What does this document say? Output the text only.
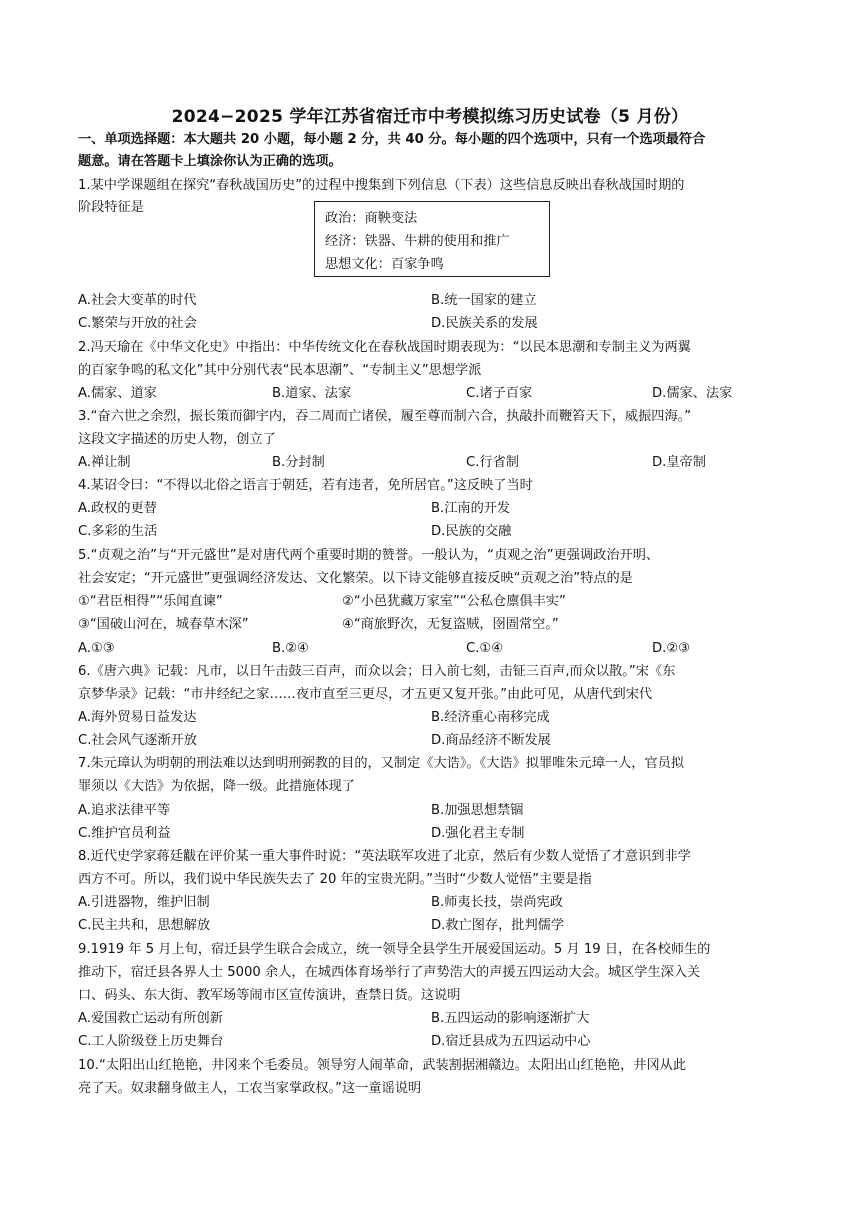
2024−2025 学年江苏省宿迁市中考模拟练习历史试卷（5 月份）
一、单项选择题：本大题共 20 小题，每小题 2 分，共 40 分。每小题的四个选项中，只有一个选项最符合
题意。请在答题卡上填涂你认为正确的选项。
1.某中学课题组在探究“春秋战国历史”的过程中搜集到下列信息（下表）这些信息反映出春秋战国时期的
阶段特征是
政治：商鞅变法
经济：铁器、牛耕的使用和推广
思想文化：百家争鸣
A.社会大变革的时代	B.统一国家的建立
C.繁荣与开放的社会	D.民族关系的发展
2.冯天瑜在《中华文化史》中指出：中华传统文化在春秋战国时期表现为：“以民本思潮和专制主义为两翼
的百家争鸣的私文化”其中分别代表“民本思潮”、“专制主义”思想学派
A.儒家、道家	B.道家、法家	C.诸子百家	D.儒家、法家
3.“奋六世之余烈，振长策而御宇内，吞二周而亡诸侯，履至尊而制六合，执敲扑而鞭笞天下，威振四海。”
这段文字描述的历史人物，创立了
A.禅让制	B.分封制	C.行省制	D.皇帝制
4.某诏令曰：“不得以北俗之语言于朝廷，若有违者，免所居官。”这反映了当时
A.政权的更替	B.江南的开发
C.多彩的生活	D.民族的交融
5.“贞观之治”与“开元盛世”是对唐代两个重要时期的赞誉。一般认为，“贞观之治”更强调政治开明、
社会安定；“开元盛世”更强调经济发达、文化繁荣。以下诗文能够直接反映“贡观之治”特点的是
①“君臣相得”“乐闻直谏”	②“小邑犹藏万家室”“公私仓廪俱丰实”
③“国破山河在，城春草木深”	④“商旅野次，无复盗贼，囹圄常空。”
A.①③	B.②④	C.①④	D.②③
6.《唐六典》记载：凡市，以日午击鼓三百声，而众以会；日入前七刻，击钲三百声,而众以散。”宋《东
京梦华录》记载：“市井经纪之家……夜市直至三更尽，才五更又复开张。”由此可见，从唐代到宋代
A.海外贸易日益发达	B.经济重心南移完成
C.社会风气逐渐开放	D.商品经济不断发展
7.朱元璋认为明朝的刑法难以达到明刑弼教的目的，又制定《大诰》。《大诰》拟罪唯朱元璋一人，官员拟
罪须以《大诰》为依据，降一级。此措施体现了
A.追求法律平等	B.加强思想禁锢
C.维护官员利益	D.强化君主专制
8.近代史学家蒋廷黻在评价某一重大事件时说：“英法联军攻进了北京，然后有少数人觉悟了才意识到非学
西方不可。所以，我们说中华民族失去了 20 年的宝贵光阴。”当时“少数人觉悟”主要是指
A.引进器物，维护旧制	B.师夷长技，崇尚宪政
C.民主共和，思想解放	D.救亡图存，批判儒学
9.1919 年 5 月上旬，宿迁县学生联合会成立，统一领导全县学生开展爱国运动。5 月 19 日，在各校师生的
推动下，宿迁县各界人士 5000 余人，在城西体育场举行了声势浩大的声援五四运动大会。城区学生深入关
口、码头、东大街、教军场等闹市区宣传演讲，查禁日货。这说明
A.爱国救亡运动有所创新	B.五四运动的影响逐渐扩大
C.工人阶级登上历史舞台	D.宿迁县成为五四运动中心
10.“太阳出山红艳艳，井冈来个毛委员。领导穷人闹革命，武装割据湘赣边。太阳出山红艳艳，井冈从此
亮了天。奴隶翻身做主人，工农当家掌政权。”这一童谣说明
